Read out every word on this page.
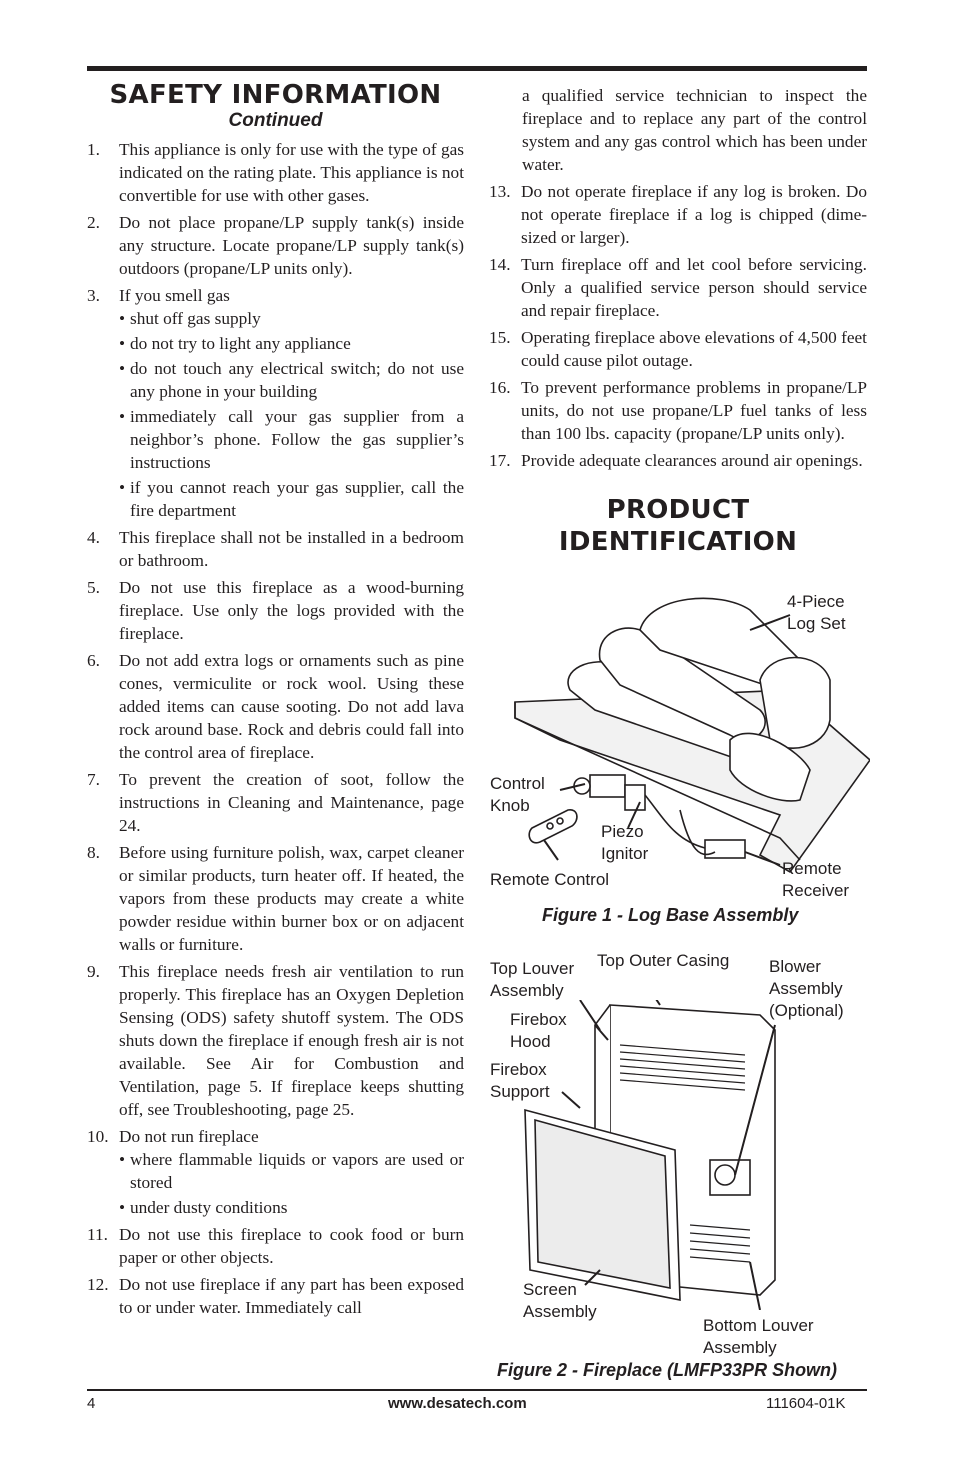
SAFETY INFORMATION
Continued
1. This appliance is only for use with the type of gas indicated on the rating plate. This appliance is not convertible for use with other gases.
2. Do not place propane/LP supply tank(s) inside any structure. Locate propane/LP supply tank(s) outdoors (propane/LP units only).
3. If you smell gas
• shut off gas supply
• do not try to light any appliance
• do not touch any electrical switch; do not use any phone in your building
• immediately call your gas supplier from a neighbor’s phone. Follow the gas supplier’s instructions
• if you cannot reach your gas supplier, call the fire department
4. This fireplace shall not be installed in a bedroom or bathroom.
5. Do not use this fireplace as a wood-burning fireplace. Use only the logs provided with the fireplace.
6. Do not add extra logs or ornaments such as pine cones, vermiculite or rock wool. Using these added items can cause sooting. Do not add lava rock around base. Rock and debris could fall into the control area of fireplace.
7. To prevent the creation of soot, follow the instructions in Cleaning and Maintenance, page 24.
8. Before using furniture polish, wax, carpet cleaner or similar products, turn heater off. If heated, the vapors from these products may create a white powder residue within burner box or on adjacent walls or furniture.
9. This fireplace needs fresh air ventilation to run properly. This fireplace has an Oxygen Depletion Sensing (ODS) safety shutoff system. The ODS shuts down the fireplace if enough fresh air is not available. See Air for Combustion and Ventilation, page 5. If fireplace keeps shutting off, see Troubleshooting, page 25.
10. Do not run fireplace
• where flammable liquids or vapors are used or stored
• under dusty conditions
11. Do not use this fireplace to cook food or burn paper or other objects.
12. Do not use fireplace if any part has been exposed to or under water. Immediately call
a qualified service technician to inspect the fireplace and to replace any part of the control system and any gas control which has been under water.
13. Do not operate fireplace if any log is broken. Do not operate fireplace if a log is chipped (dime-sized or larger).
14. Turn fireplace off and let cool before servicing. Only a qualified service person should service and repair fireplace.
15. Operating fireplace above elevations of 4,500 feet could cause pilot outage.
16. To prevent performance problems in propane/LP units, do not use propane/LP fuel tanks of less than 100 lbs. capacity (propane/LP units only).
17. Provide adequate clearances around air openings.
PRODUCT
IDENTIFICATION
4-Piece
Log Set
Control
Knob
Piezo
Ignitor
Remote Control
Remote
Receiver
Figure 1 - Log Base Assembly
Top Louver
Assembly
Top Outer Casing Blower
Assembly
(Optional)
Firebox
Hood
Firebox
Support
Screen
Assembly
Bottom Louver
Assembly
Figure 2 - Fireplace (LMFP33PR Shown)
4	www.desatech.com	111604-01K
